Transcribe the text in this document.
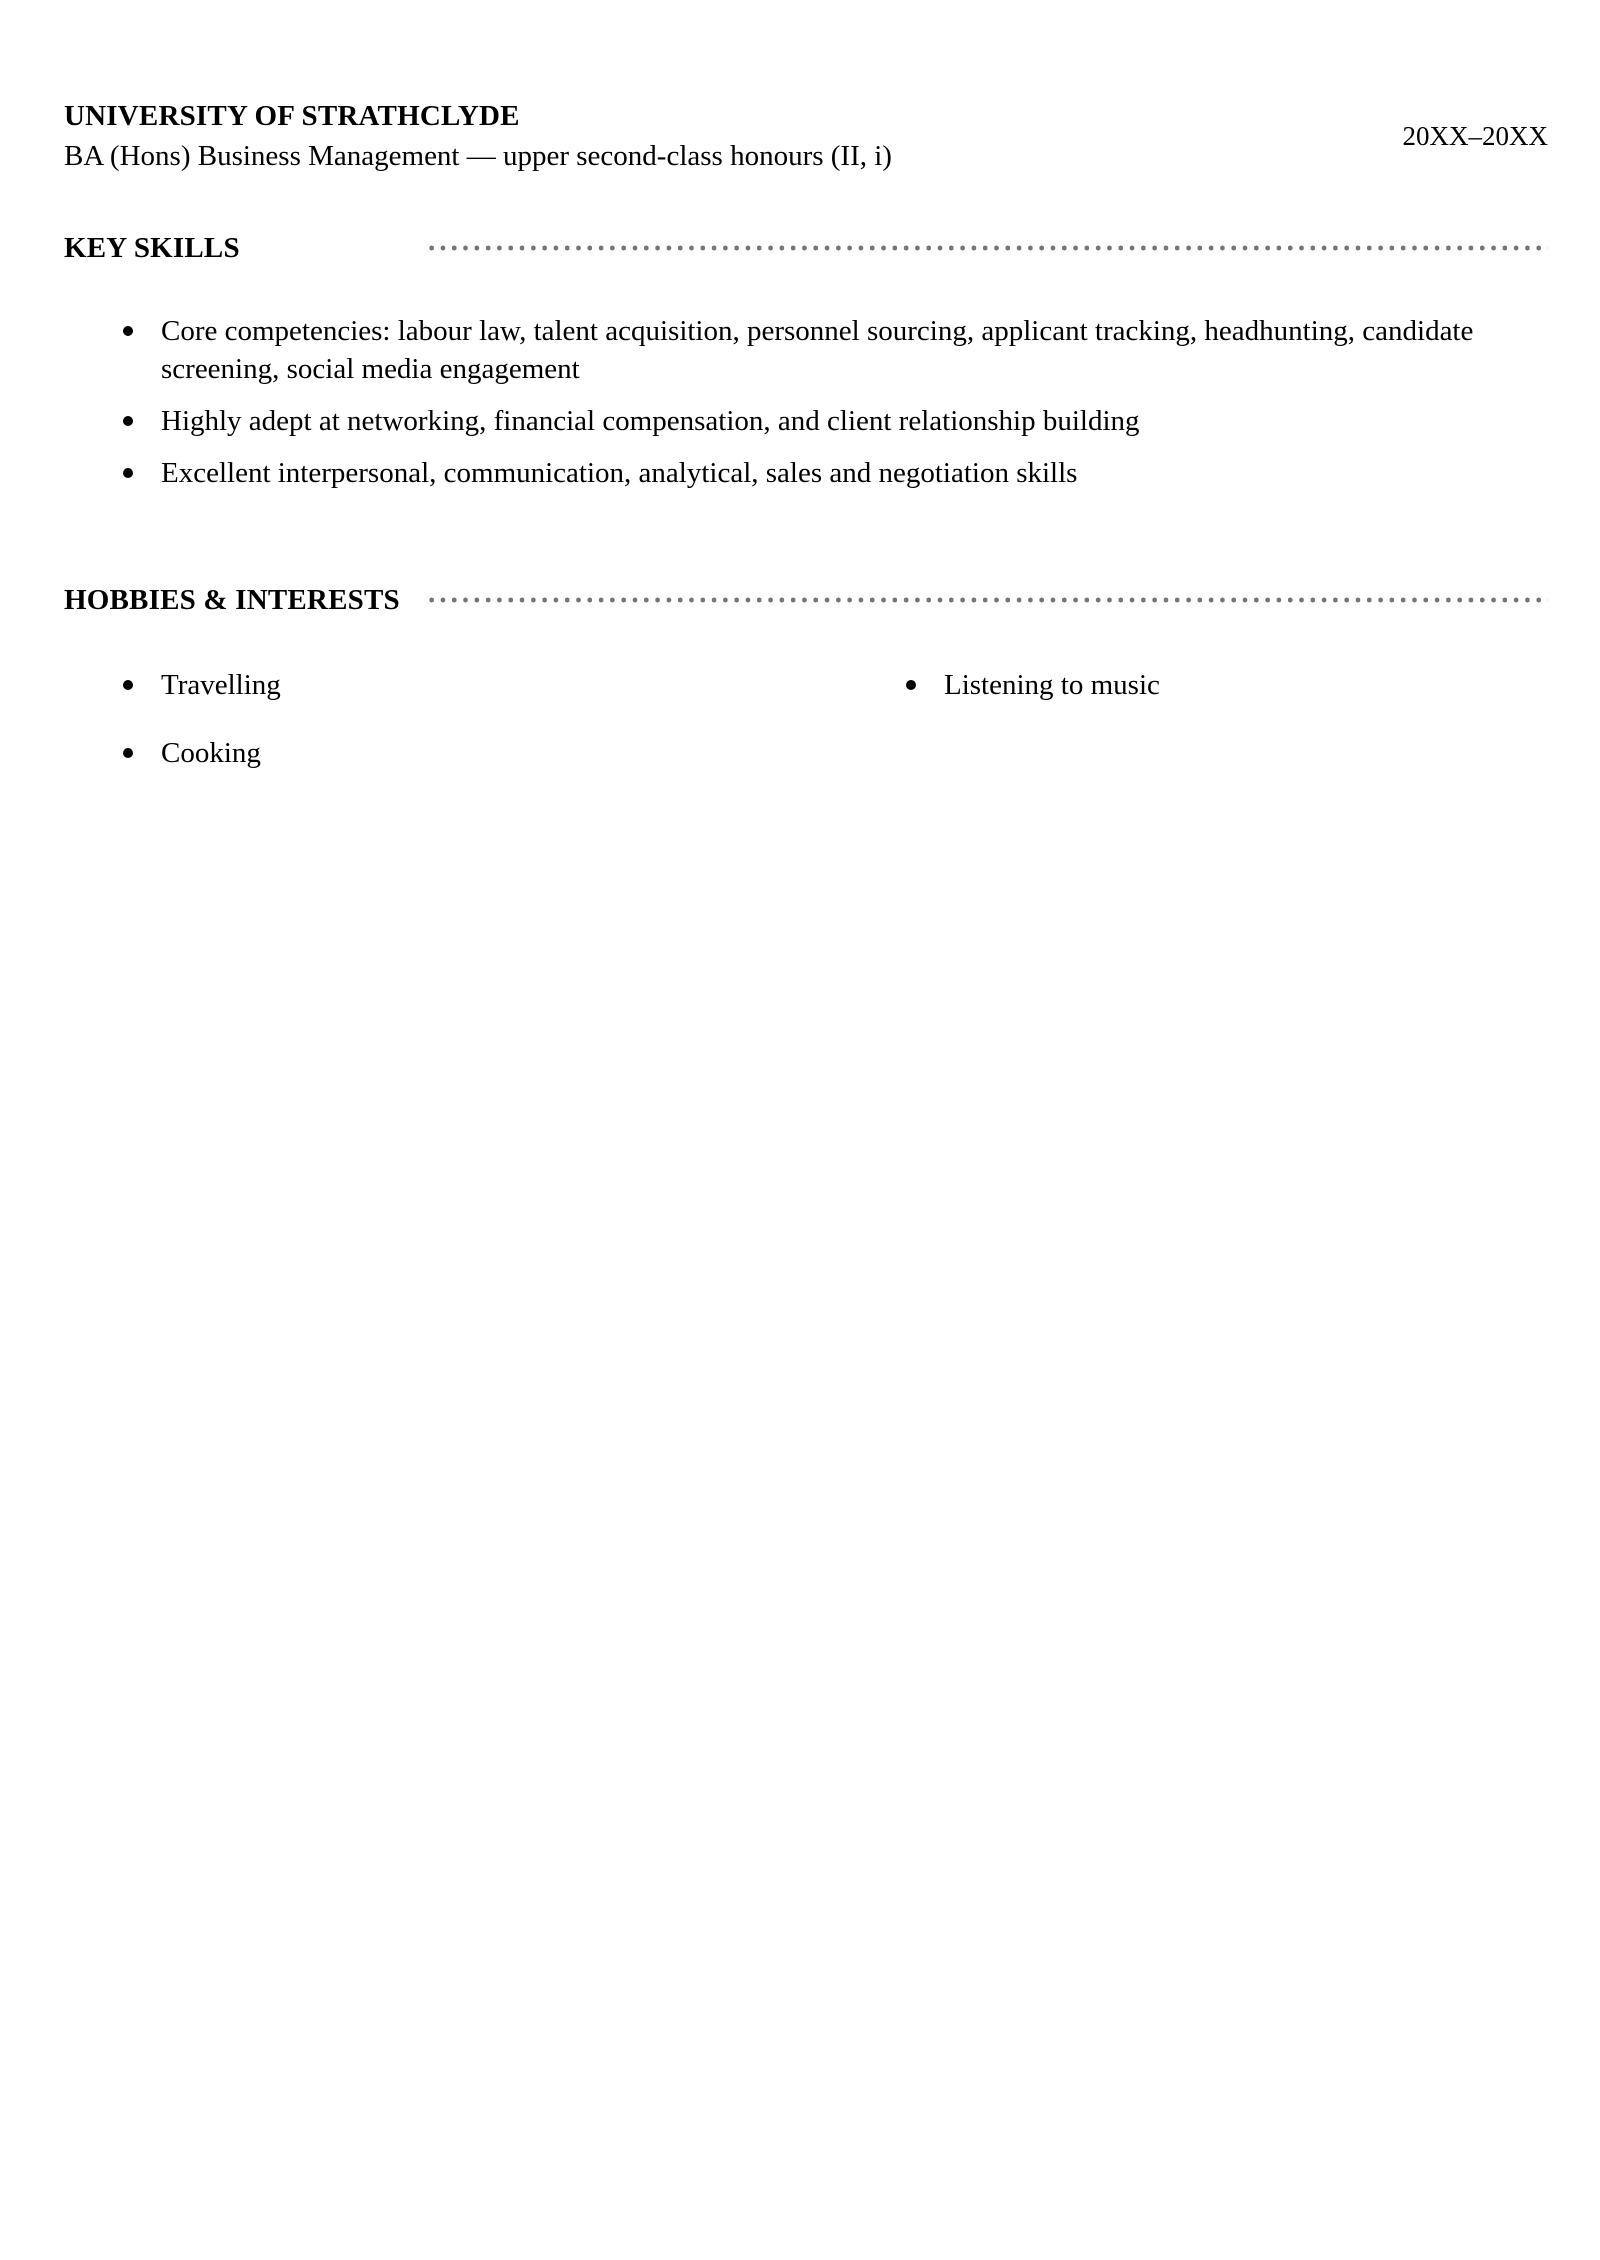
UNIVERSITY OF STRATHCLYDE
BA (Hons) Business Management — upper second-class honours (II, i)
20XX–20XX
KEY SKILLS
Core competencies: labour law, talent acquisition, personnel sourcing, applicant tracking, headhunting, candidate screening, social media engagement
Highly adept at networking, financial compensation, and client relationship building
Excellent interpersonal, communication, analytical, sales and negotiation skills
HOBBIES & INTERESTS
Travelling
Cooking
Listening to music
